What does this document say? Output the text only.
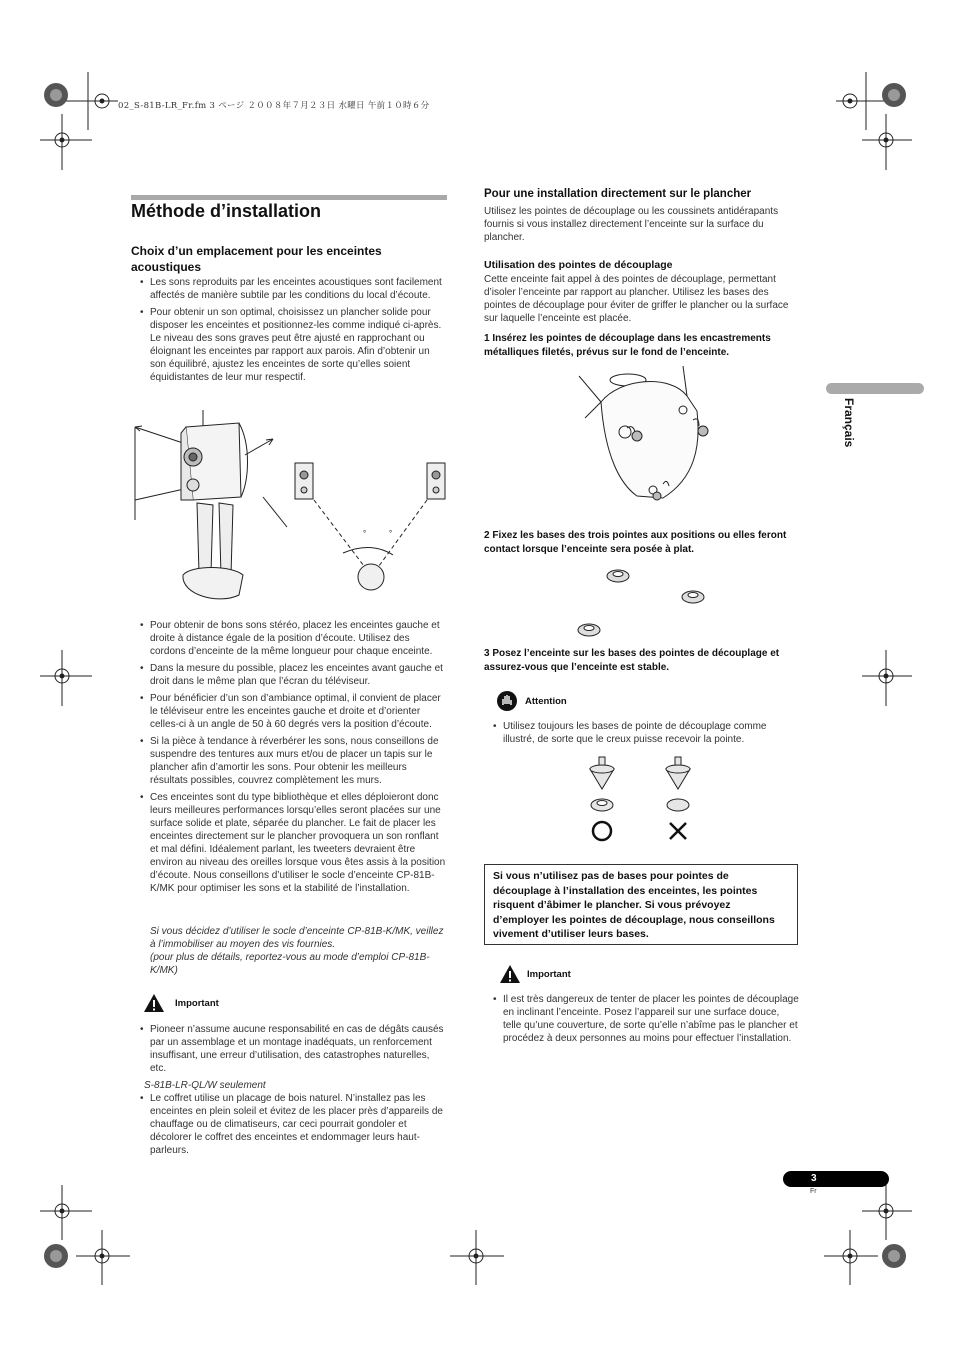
02_S-81B-LR_Fr.fm 3 ページ ２００８年７月２３日 水曜日 午前１０時６分
Méthode d’installation
Choix d’un emplacement pour les enceintes acoustiques
• Les sons reproduits par les enceintes acoustiques sont facilement affectés de manière subtile par les conditions du local d’écoute.
• Pour obtenir un son optimal, choisissez un plancher solide pour disposer les enceintes et positionnez-les comme indiqué ci-après. Le niveau des sons graves peut être ajusté en rapprochant ou éloignant les enceintes par rapport aux parois. Afin d’obtenir un son équilibré, ajustez les enceintes de sorte qu’elles soient équidistantes de leur mur respectif.
°	°
• Pour obtenir de bons sons stéréo, placez les enceintes gauche et droite à distance égale de la position d’écoute. Utilisez des cordons d’enceinte de la même longueur pour chaque enceinte.
• Dans la mesure du possible, placez les enceintes avant gauche et droit dans le même plan que l’écran du téléviseur.
• Pour bénéficier d’un son d’ambiance optimal, il convient de placer le téléviseur entre les enceintes gauche et droite et d’orienter celles-ci à un angle de 50 à 60 degrés vers la position d’écoute.
• Si la pièce à tendance à réverbérer les sons, nous conseillons de suspendre des tentures aux murs et/ou de placer un tapis sur le plancher afin d’amortir les sons. Pour obtenir les meilleurs résultats possibles, couvrez complètement les murs.
• Ces enceintes sont du type bibliothèque et elles déploieront donc leurs meilleures performances lorsqu’elles seront placées sur une surface solide et plate, séparée du plancher. Le fait de placer les enceintes directement sur le plancher provoquera un son ronflant et mal défini. Idéalement parlant, les tweeters devraient être environ au niveau des oreilles lorsque vous êtes assis à la position d’écoute. Nous conseillons d’utiliser le socle d’enceinte CP-81B-K/MK pour optimiser les sons et la stabilité de l’installation.
Si vous décidez d’utiliser le socle d’enceinte CP-81B-K/MK, veillez à l’immobiliser au moyen des vis fournies.
(pour plus de détails, reportez-vous au mode d’emploi CP-81B-K/MK)
Important
• Pioneer n’assume aucune responsabilité en cas de dégâts causés par un assemblage et un montage inadéquats, un renforcement insuffisant, une erreur d’utilisation, des catastrophes naturelles, etc.
S-81B-LR-QL/W seulement
• Le coffret utilise un placage de bois naturel. N’installez pas les enceintes en plein soleil et évitez de les placer près d’appareils de chauffage ou de climatiseurs, car ceci pourrait gondoler et décolorer le coffret des enceintes et endommager leurs haut-parleurs.
Pour une installation directement sur le plancher
Utilisez les pointes de découplage ou les coussinets antidérapants fournis si vous installez directement l’enceinte sur la surface du plancher.
Utilisation des pointes de découplage
Cette enceinte fait appel à des pointes de découplage, permettant d’isoler l’enceinte par rapport au plancher. Utilisez les bases des pointes de découplage pour éviter de griffer le plancher ou la surface sur laquelle l’enceinte est placée.
1 Insérez les pointes de découplage dans les encastrements métalliques filetés, prévus sur le fond de l’enceinte.
2 Fixez les bases des trois pointes aux positions ou elles feront contact lorsque l’enceinte sera posée à plat.
3 Posez l’enceinte sur les bases des pointes de découplage et assurez-vous que l’enceinte est stable.
Attention
• Utilisez toujours les bases de pointe de découplage comme illustré, de sorte que le creux puisse recevoir la pointe.
Si vous n’utilisez pas de bases pour pointes de découplage à l’installation des enceintes, les pointes risquent d’âbimer le plancher. Si vous prévoyez d’employer les pointes de découplage, nous conseillons vivement d’utiliser leurs bases.
Important
• Il est très dangereux de tenter de placer les pointes de découplage en inclinant l’enceinte. Posez l’appareil sur une surface douce, telle qu’une couverture, de sorte qu’elle n’abîme pas le plancher et procédez à deux personnes au moins pour effectuer l’installation.
Français
3
Fr
